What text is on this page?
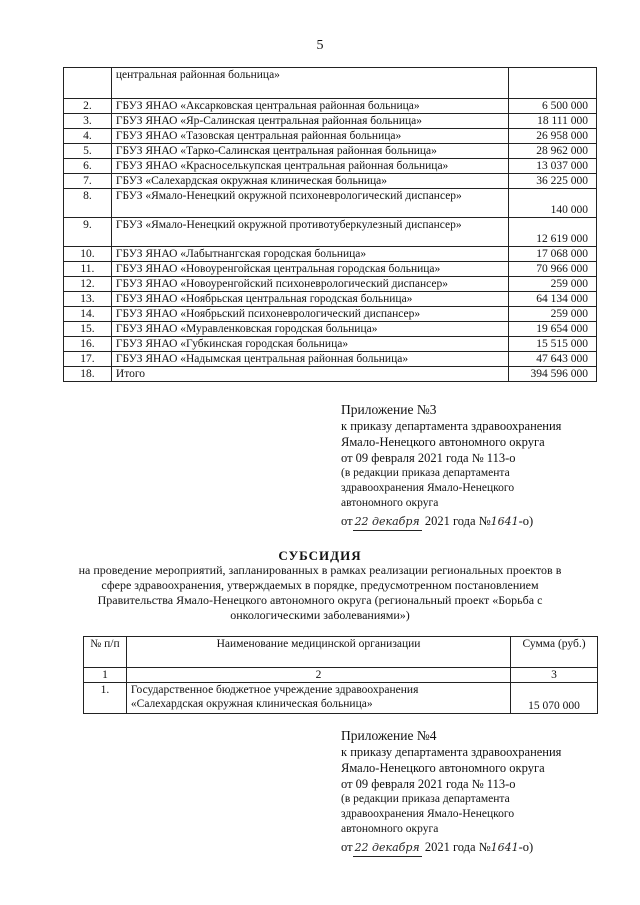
5
	центральная районная больница»	
2.	ГБУЗ ЯНАО «Аксарковская центральная районная больница»	6 500 000
3.	ГБУЗ ЯНАО «Яр-Салинская центральная районная больница»	18 111 000
4.	ГБУЗ ЯНАО «Тазовская центральная районная больница»	26 958 000
5.	ГБУЗ ЯНАО «Тарко-Салинская центральная районная больница»	28 962 000
6.	ГБУЗ ЯНАО «Красноселькупская центральная районная больница»	13 037 000
7.	ГБУЗ «Салехардская окружная клиническая больница»	36 225 000
8.	ГБУЗ «Ямало-Ненецкий окружной психоневрологический диспансер»	140 000
9.	ГБУЗ «Ямало-Ненецкий окружной противотуберкулезный диспансер»	12 619 000
10.	ГБУЗ ЯНАО «Лабытнангская городская больница»	17 068 000
11.	ГБУЗ ЯНАО «Новоуренгойская центральная городская больница»	70 966 000
12.	ГБУЗ ЯНАО «Новоуренгойский психоневрологический диспансер»	259 000
13.	ГБУЗ ЯНАО «Ноябрьская центральная городская больница»	64 134 000
14.	ГБУЗ ЯНАО «Ноябрьский психоневрологический диспансер»	259 000
15.	ГБУЗ ЯНАО «Муравленковская городская больница»	19 654 000
16.	ГБУЗ ЯНАО «Губкинская городская больница»	15 515 000
17.	ГБУЗ ЯНАО «Надымская центральная районная больница»	47 643 000
18.	Итого	394 596 000
Приложение №3
к приказу департамента здравоохранения
Ямало-Ненецкого автономного округа
от 09 февраля 2021 года № 113-о
(в редакции приказа департамента
здравоохранения Ямало-Ненецкого
автономного округа
от 22 декабря 2021 года №1641-о)
СУБСИДИЯ
на проведение мероприятий, запланированных в рамках реализации региональных проектов в
сфере здравоохранения, утверждаемых в порядке, предусмотренном постановлением
Правительства Ямало-Ненецкого автономного округа (региональный проект «Борьба с
онкологическими заболеваниями»)
№ п/п	Наименование медицинской организации	Сумма (руб.)
1	2	3
1.	Государственное бюджетное учреждение здравоохранения
«Салехардская окружная клиническая больница»	15 070 000
Приложение №4
к приказу департамента здравоохранения
Ямало-Ненецкого автономного округа
от 09 февраля 2021 года № 113-о
(в редакции приказа департамента
здравоохранения Ямало-Ненецкого
автономного округа
от 22 декабря 2021 года №1641-о)
